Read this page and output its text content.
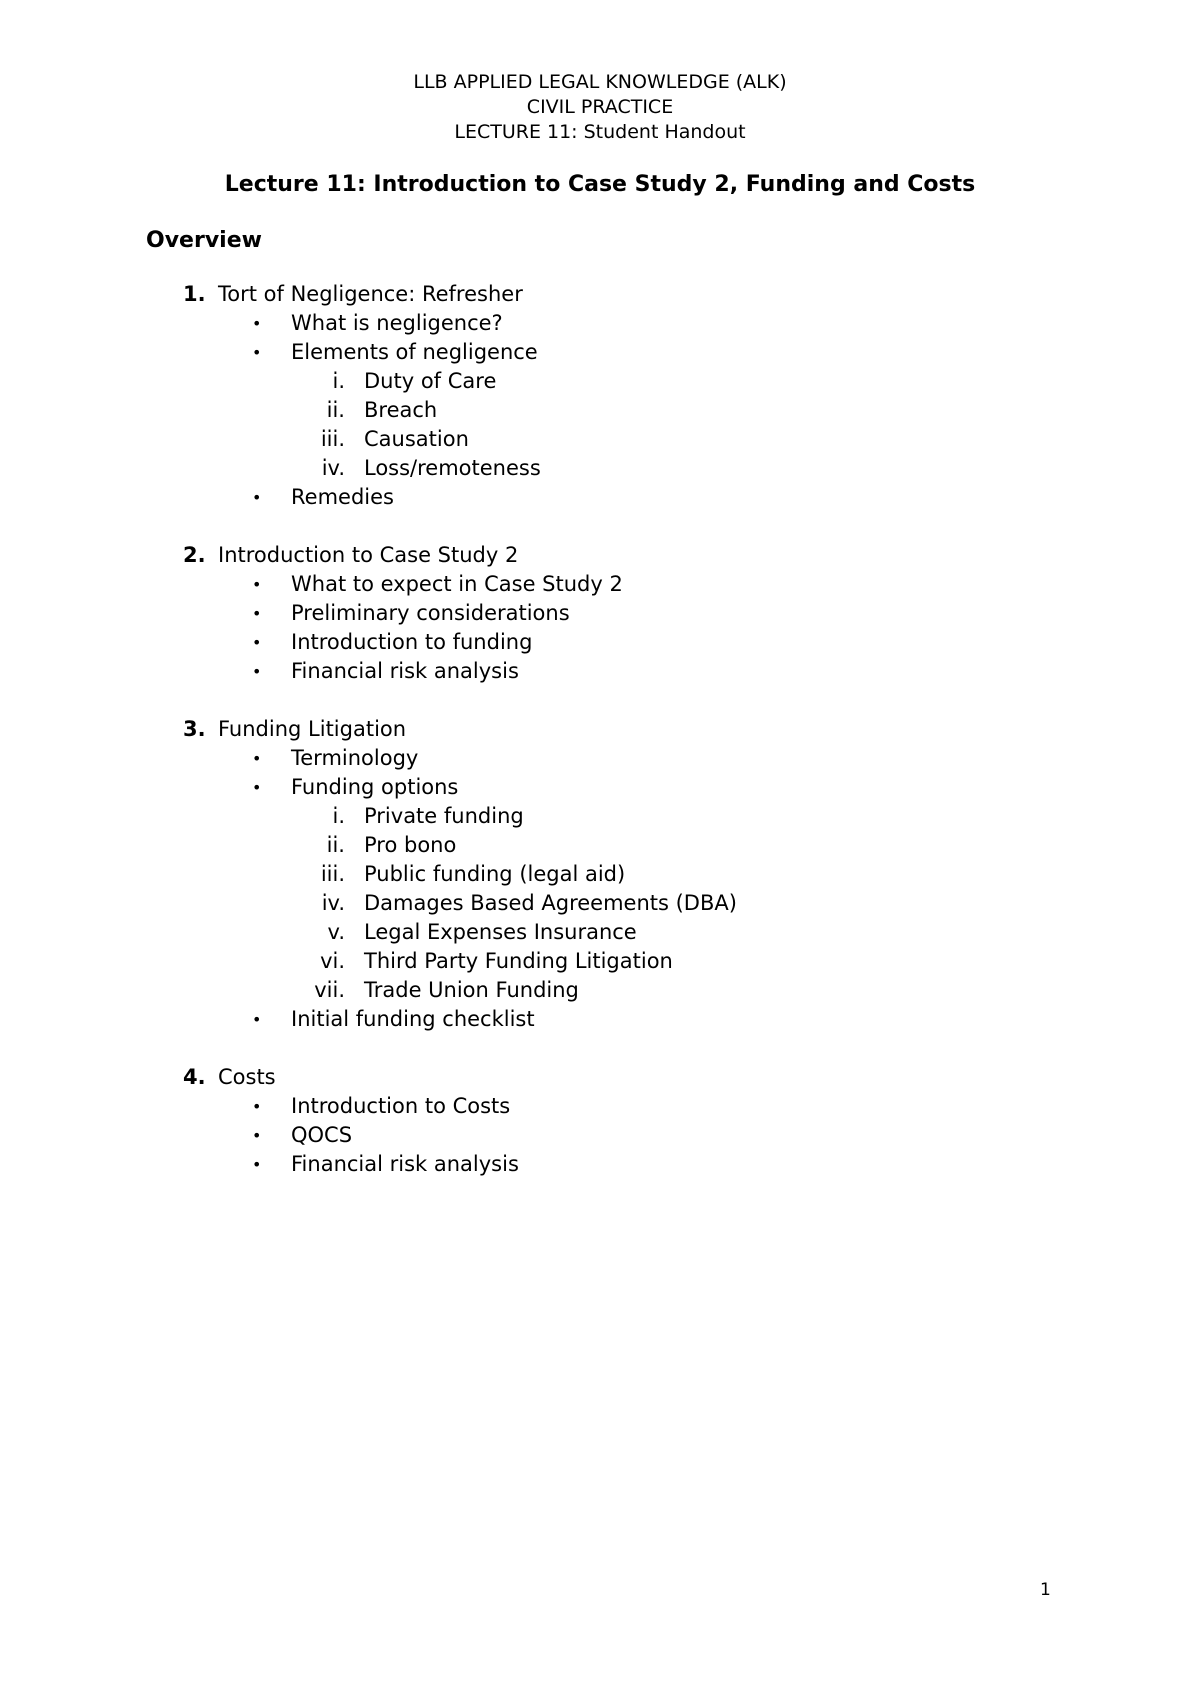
LLB APPLIED LEGAL KNOWLEDGE (ALK)
CIVIL PRACTICE
LECTURE 11: Student Handout
Lecture 11: Introduction to Case Study 2, Funding and Costs
Overview
1. Tort of Negligence: Refresher
• What is negligence?
• Elements of negligence
i. Duty of Care
ii. Breach
iii. Causation
iv. Loss/remoteness
• Remedies
2. Introduction to Case Study 2
• What to expect in Case Study 2
• Preliminary considerations
• Introduction to funding
• Financial risk analysis
3. Funding Litigation
• Terminology
• Funding options
i. Private funding
ii. Pro bono
iii. Public funding (legal aid)
iv. Damages Based Agreements (DBA)
v. Legal Expenses Insurance
vi. Third Party Funding Litigation
vii. Trade Union Funding
• Initial funding checklist
4. Costs
• Introduction to Costs
• QOCS
• Financial risk analysis
1
